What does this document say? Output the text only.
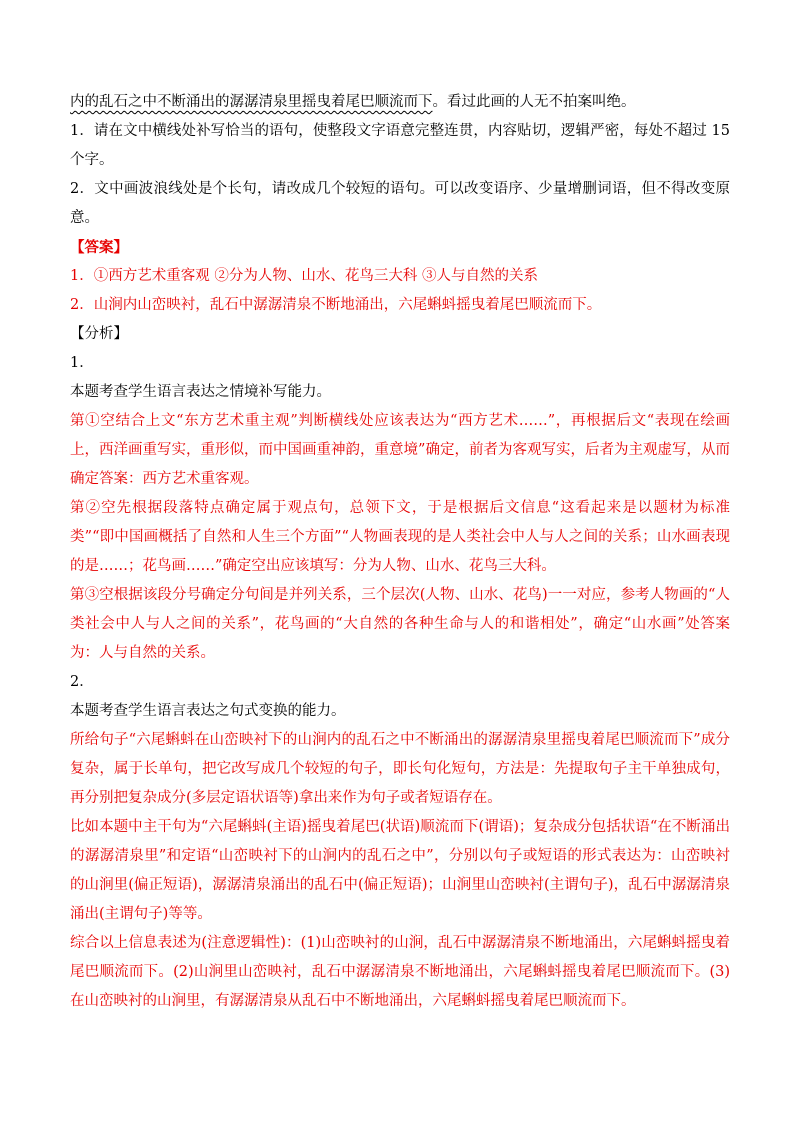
内的乱石之中不断涌出的潺潺清泉里摇曳着尾巴顺流而下。看过此画的人无不拍案叫绝。

1．请在文中横线处补写恰当的语句，使整段文字语意完整连贯，内容贴切，逻辑严密，每处不超过 15 个字。

2．文中画波浪线处是个长句，请改成几个较短的语句。可以改变语序、少量增删词语，但不得改变原意。

【答案】

1．①西方艺术重客观 ②分为人物、山水、花鸟三大科 ③人与自然的关系

2．山涧内山峦映衬，乱石中潺潺清泉不断地涌出，六尾蝌蚪摇曳着尾巴顺流而下。

【分析】

1．

本题考查学生语言表达之情境补写能力。

第①空结合上文“东方艺术重主观”判断横线处应该表达为“西方艺术……”，再根据后文“表现在绘画上，西洋画重写实，重形似，而中国画重神韵，重意境”确定，前者为客观写实，后者为主观虚写，从而确定答案：西方艺术重客观。

第②空先根据段落特点确定属于观点句，总领下文，于是根据后文信息“这看起来是以题材为标准类”“即中国画概括了自然和人生三个方面”“人物画表现的是人类社会中人与人之间的关系；山水画表现的是……；花鸟画……”确定空出应该填写：分为人物、山水、花鸟三大科。

第③空根据该段分号确定分句间是并列关系，三个层次(人物、山水、花鸟)一一对应，参考人物画的“人类社会中人与人之间的关系”，花鸟画的“大自然的各种生命与人的和谐相处”，确定“山水画”处答案为：人与自然的关系。

2．

本题考查学生语言表达之句式变换的能力。

所给句子“六尾蝌蚪在山峦映衬下的山涧内的乱石之中不断涌出的潺潺清泉里摇曳着尾巴顺流而下”成分复杂，属于长单句，把它改写成几个较短的句子，即长句化短句，方法是：先提取句子主干单独成句，再分别把复杂成分(多层定语状语等)拿出来作为句子或者短语存在。

比如本题中主干句为“六尾蝌蚪(主语)摇曳着尾巴(状语)顺流而下(谓语)；复杂成分包括状语“在不断涌出的潺潺清泉里”和定语“山峦映衬下的山涧内的乱石之中”，分别以句子或短语的形式表达为：山峦映衬的山涧里(偏正短语)，潺潺清泉涌出的乱石中(偏正短语)；山涧里山峦映衬(主谓句子)，乱石中潺潺清泉涌出(主谓句子)等等。

综合以上信息表述为(注意逻辑性)：(1)山峦映衬的山涧，乱石中潺潺清泉不断地涌出，六尾蝌蚪摇曳着尾巴顺流而下。(2)山涧里山峦映衬，乱石中潺潺清泉不断地涌出，六尾蝌蚪摇曳着尾巴顺流而下。(3)在山峦映衬的山涧里，有潺潺清泉从乱石中不断地涌出，六尾蝌蚪摇曳着尾巴顺流而下。
